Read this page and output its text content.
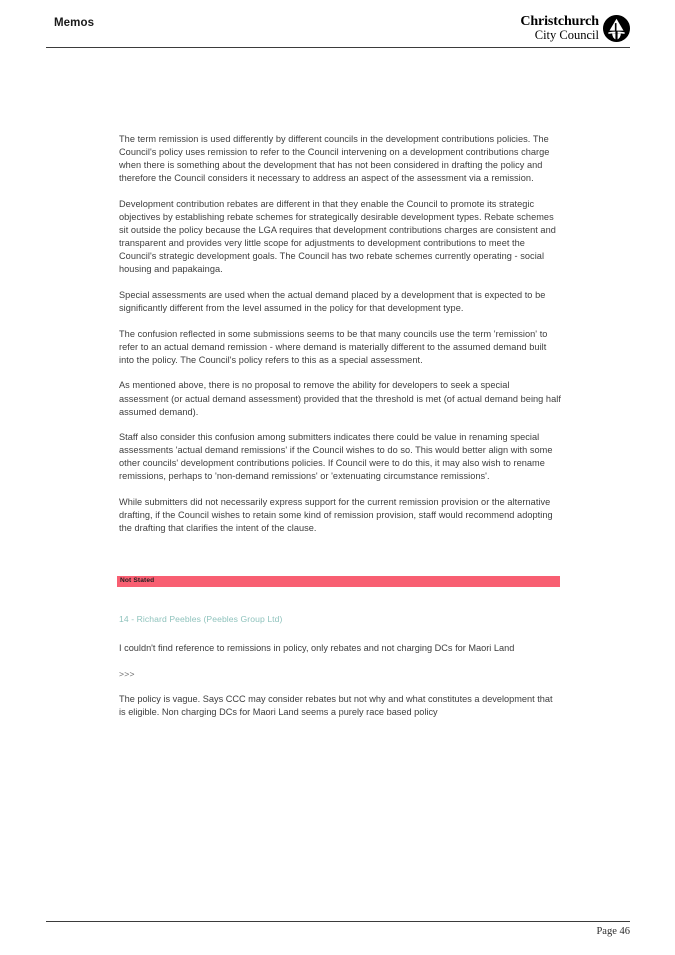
Memos	Christchurch
City Council

The term remission is used differently by different councils in the development contributions policies. The Council's policy uses remission to refer to the Council intervening on a development contributions charge when there is something about the development that has not been considered in drafting the policy and therefore the Council considers it necessary to address an aspect of the assessment via a remission.

Development contribution rebates are different in that they enable the Council to promote its strategic objectives by establishing rebate schemes for strategically desirable development types. Rebate schemes sit outside the policy because the LGA requires that development contributions charges are consistent and transparent and provides very little scope for adjustments to development contributions to meet the Council's strategic development goals. The Council has two rebate schemes currently operating - social housing and papakainga.

Special assessments are used when the actual demand placed by a development that is expected to be significantly different from the level assumed in the policy for that development type.

The confusion reflected in some submissions seems to be that many councils use the term 'remission' to refer to an actual demand remission - where demand is materially different to the assumed demand built into the policy. The Council's policy refers to this as a special assessment.

As mentioned above, there is no proposal to remove the ability for developers to seek a special assessment (or actual demand assessment) provided that the threshold is met (of actual demand being half assumed demand).

Staff also consider this confusion among submitters indicates there could be value in renaming special assessments 'actual demand remissions' if the Council wishes to do so. This would better align with some other councils' development contributions policies. If Council were to do this, it may also wish to rename remissions, perhaps to 'non-demand remissions' or 'extenuating circumstance remissions'.

While submitters did not necessarily express support for the current remission provision or the alternative drafting, if the Council wishes to retain some kind of remission provision, staff would recommend adopting the drafting that clarifies the intent of the clause.

Not Stated

14 - Richard Peebles (Peebles Group Ltd)

I couldn't find reference to remissions in policy, only rebates and not charging DCs for Maori Land

>>>

The policy is vague. Says CCC may consider rebates but not why and what constitutes a development that is eligible. Non charging DCs for Maori Land seems a purely race based policy

Page 46
